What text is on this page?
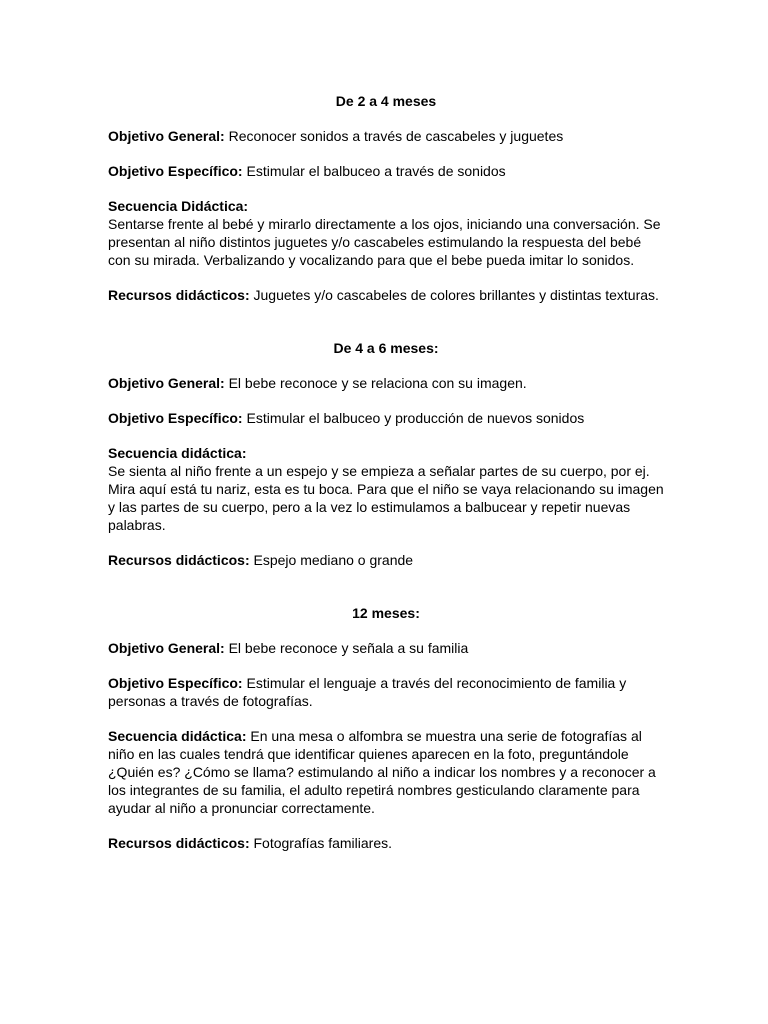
De 2 a 4 meses

Objetivo General: Reconocer sonidos a través de cascabeles y juguetes

Objetivo Específico: Estimular el balbuceo a través de sonidos

Secuencia Didáctica:

Sentarse frente al bebé y mirarlo directamente a los ojos, iniciando una conversación. Se presentan al niño distintos juguetes y/o cascabeles estimulando la respuesta del bebé con su mirada. Verbalizando y vocalizando para que el bebe pueda imitar lo sonidos.

Recursos didácticos: Juguetes y/o cascabeles de colores brillantes y distintas texturas.

De 4 a 6 meses:

Objetivo General: El bebe reconoce y se relaciona con su imagen.

Objetivo Específico: Estimular el balbuceo y producción de nuevos sonidos

Secuencia didáctica:

Se sienta al niño frente a un espejo y se empieza a señalar partes de su cuerpo, por ej. Mira aquí está tu nariz, esta es tu boca. Para que el niño se vaya relacionando su imagen y las partes de su cuerpo, pero a la vez lo estimulamos a balbucear y repetir nuevas palabras.

Recursos didácticos: Espejo mediano o grande

12 meses:

Objetivo General: El bebe reconoce y señala a su familia

Objetivo Específico: Estimular el lenguaje a través del reconocimiento de familia y personas a través de fotografías.

Secuencia didáctica: En una mesa o alfombra se muestra una serie de fotografías al niño en las cuales tendrá que identificar quienes aparecen en la foto, preguntándole ¿Quién es? ¿Cómo se llama? estimulando al niño a indicar los nombres y a reconocer a los integrantes de su familia, el adulto repetirá nombres gesticulando claramente para ayudar al niño a pronunciar correctamente.

Recursos didácticos: Fotografías familiares.
